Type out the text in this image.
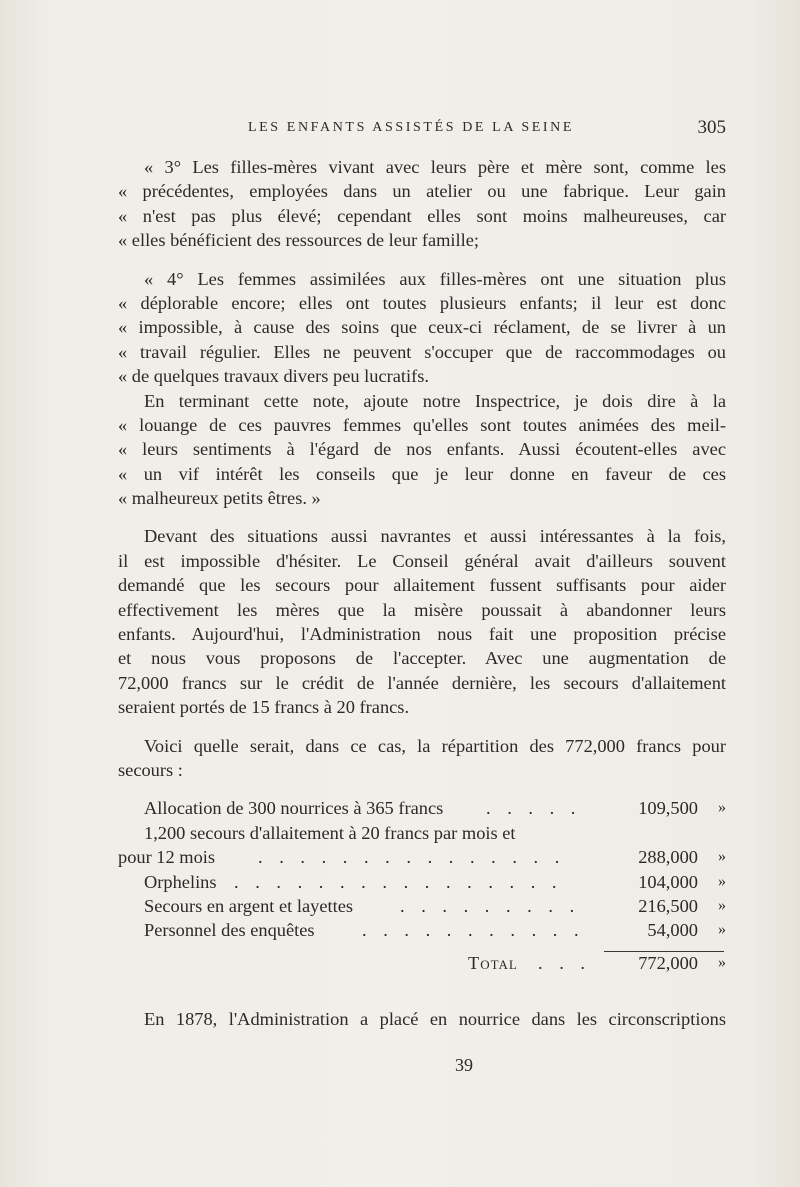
LES ENFANTS ASSISTÉS DE LA SEINE	305
« 3° Les filles-mères vivant avec leurs père et mère sont, comme les
« précédentes, employées dans un atelier ou une fabrique. Leur gain
« n'est pas plus élevé; cependant elles sont moins malheureuses, car
« elles bénéficient des ressources de leur famille;
« 4° Les femmes assimilées aux filles-mères ont une situation plus
« déplorable encore; elles ont toutes plusieurs enfants; il leur est donc
« impossible, à cause des soins que ceux-ci réclament, de se livrer à un
« travail régulier. Elles ne peuvent s'occuper que de raccommodages ou
« de quelques travaux divers peu lucratifs.
En terminant cette note, ajoute notre Inspectrice, je dois dire à la
« louange de ces pauvres femmes qu'elles sont toutes animées des meil-
« leurs sentiments à l'égard de nos enfants. Aussi écoutent-elles avec
« un vif intérêt les conseils que je leur donne en faveur de ces
« malheureux petits êtres. »
Devant des situations aussi navrantes et aussi intéressantes à la fois,
il est impossible d'hésiter. Le Conseil général avait d'ailleurs souvent
demandé que les secours pour allaitement fussent suffisants pour aider
effectivement les mères que la misère poussait à abandonner leurs
enfants. Aujourd'hui, l'Administration nous fait une proposition précise
et nous vous proposons de l'accepter. Avec une augmentation de
72,000 francs sur le crédit de l'année dernière, les secours d'allaitement
seraient portés de 15 francs à 20 francs.
Voici quelle serait, dans ce cas, la répartition des 772,000 francs pour
secours :
Allocation de 300 nourrices à 365 francs . . . . .	109,500 »
1,200 secours d'allaitement à 20 francs par mois et
pour 12 mois . . . . . . . . . . . . . . .	288,000 »
Orphelins . . . . . . . . . . . . . . . .	104,000 »
Secours en argent et layettes	. . . . . . . . .	216,500 »
Personnel des enquêtes	. . . . . . . . . . .	54,000 »
Total . . .	772,000 »
En 1878, l'Administration a placé en nourrice dans les circonscriptions
39
